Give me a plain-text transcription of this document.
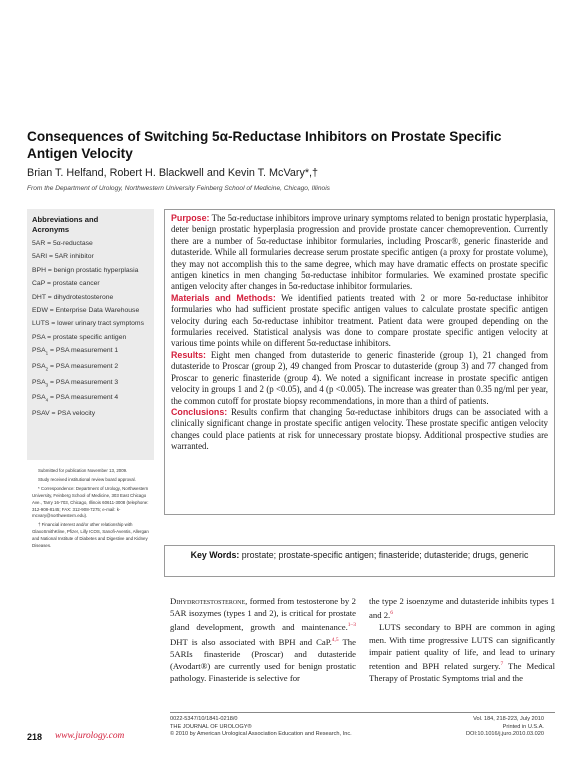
Consequences of Switching 5α-Reductase Inhibitors on Prostate Specific Antigen Velocity
Brian T. Helfand, Robert H. Blackwell and Kevin T. McVary*,†
From the Department of Urology, Northwestern University Feinberg School of Medicine, Chicago, Illinois
Abbreviations and Acronyms
5AR = 5α-reductase
5ARI = 5AR inhibitor
BPH = benign prostatic hyperplasia
CaP = prostate cancer
DHT = dihydrotestosterone
EDW = Enterprise Data Warehouse
LUTS = lower urinary tract symptoms
PSA = prostate specific antigen
$PSA_1$ = PSA measurement 1
$PSA_2$ = PSA measurement 2
$PSA_3$ = PSA measurement 3
$PSA_4$ = PSA measurement 4
PSAV = PSA velocity

Submitted for publication November 13, 2009.

Study received institutional review board approval.

* Correspondence: Department of Urology, Northwestern University, Feinberg School of Medicine, 303 East Chicago Ave., Tarry 16-703, Chicago, Illinois 60611-3008 (telephone: 312-908-8145; FAX: 312-908-7275; e-mail: k-mcvary@northwestern.edu).

† Financial interest and/or other relationship with GlaxoSmithKline, Pfizer, Lilly ICOS, Sanofi-Aventis, Allergan and National Institute of Diabetes and Digestive and Kidney Diseases.

Purpose: The 5α-reductase inhibitors improve urinary symptoms related to benign prostatic hyperplasia, deter benign prostatic hyperplasia progression and provide prostate cancer chemoprevention. Currently there are a number of 5α-reductase inhibitor formularies, including Proscar®, generic finasteride and dutasteride. While all formularies decrease serum prostate specific antigen (a proxy for prostate volume), they may not accomplish this to the same degree, which may have dramatic effects on prostate specific antigen kinetics in men changing 5α-reductase inhibitor formularies. We examined prostate specific antigen velocity after changes in 5α-reductase inhibitor formularies.

Materials and Methods: We identified patients treated with 2 or more 5α-reductase inhibitor formularies who had sufficient prostate specific antigen values to calculate prostate specific antigen velocity during each 5α-reductase inhibitor treatment. Patient data were grouped depending on the formularies received. Statistical analysis was done to compare prostate specific antigen velocity at various time points while on different 5α-reductase inhibitors.

Results: Eight men changed from dutasteride to generic finasteride (group 1), 21 changed from dutasteride to Proscar (group 2), 49 changed from Proscar to dutasteride (group 3) and 77 changed from Proscar to generic finasteride (group 4). We noted a significant increase in prostate specific antigen velocity in groups 1 and 2 (p <0.05), and 4 (p <0.005). The increase was greater than 0.35 ng/ml per year, the common cutoff for prostate biopsy recommendations, in more than a third of patients.

Conclusions: Results confirm that changing 5α-reductase inhibitors drugs can be associated with a clinically significant change in prostate specific antigen velocity. These prostate specific antigen velocity changes could place patients at risk for unnecessary prostate biopsy. Additional prospective studies are warranted.

Key Words: prostate; prostate-specific antigen; finasteride; dutasteride; drugs, generic

Dihydrotestosterone, formed from testosterone by 2 5AR isozymes (types 1 and 2), is critical for prostate gland development, growth and maintenance.$^{1-3}$ DHT is also associated with BPH and CaP.$^{4,5}$ The 5ARIs finasteride (Proscar) and dutasteride (Avodart®) are currently used for benign prostatic pathology. Finasteride is selective for

the type 2 isoenzyme and dutasteride inhibits types 1 and 2.$^6$

LUTS secondary to BPH are common in aging men. With time progressive LUTS can significantly impair patient quality of life, and lead to urinary retention and BPH related surgery.$^7$ The Medical Therapy of Prostatic Symptoms trial and the

218 www.jurology.com
0022-5347/10/1841-0218/0
THE JOURNAL OF UROLOGY®
© 2010 by American Urological Association Education and Research, Inc.
Vol. 184, 218-223, July 2010
Printed in U.S.A.
DOI:10.1016/j.juro.2010.03.020
